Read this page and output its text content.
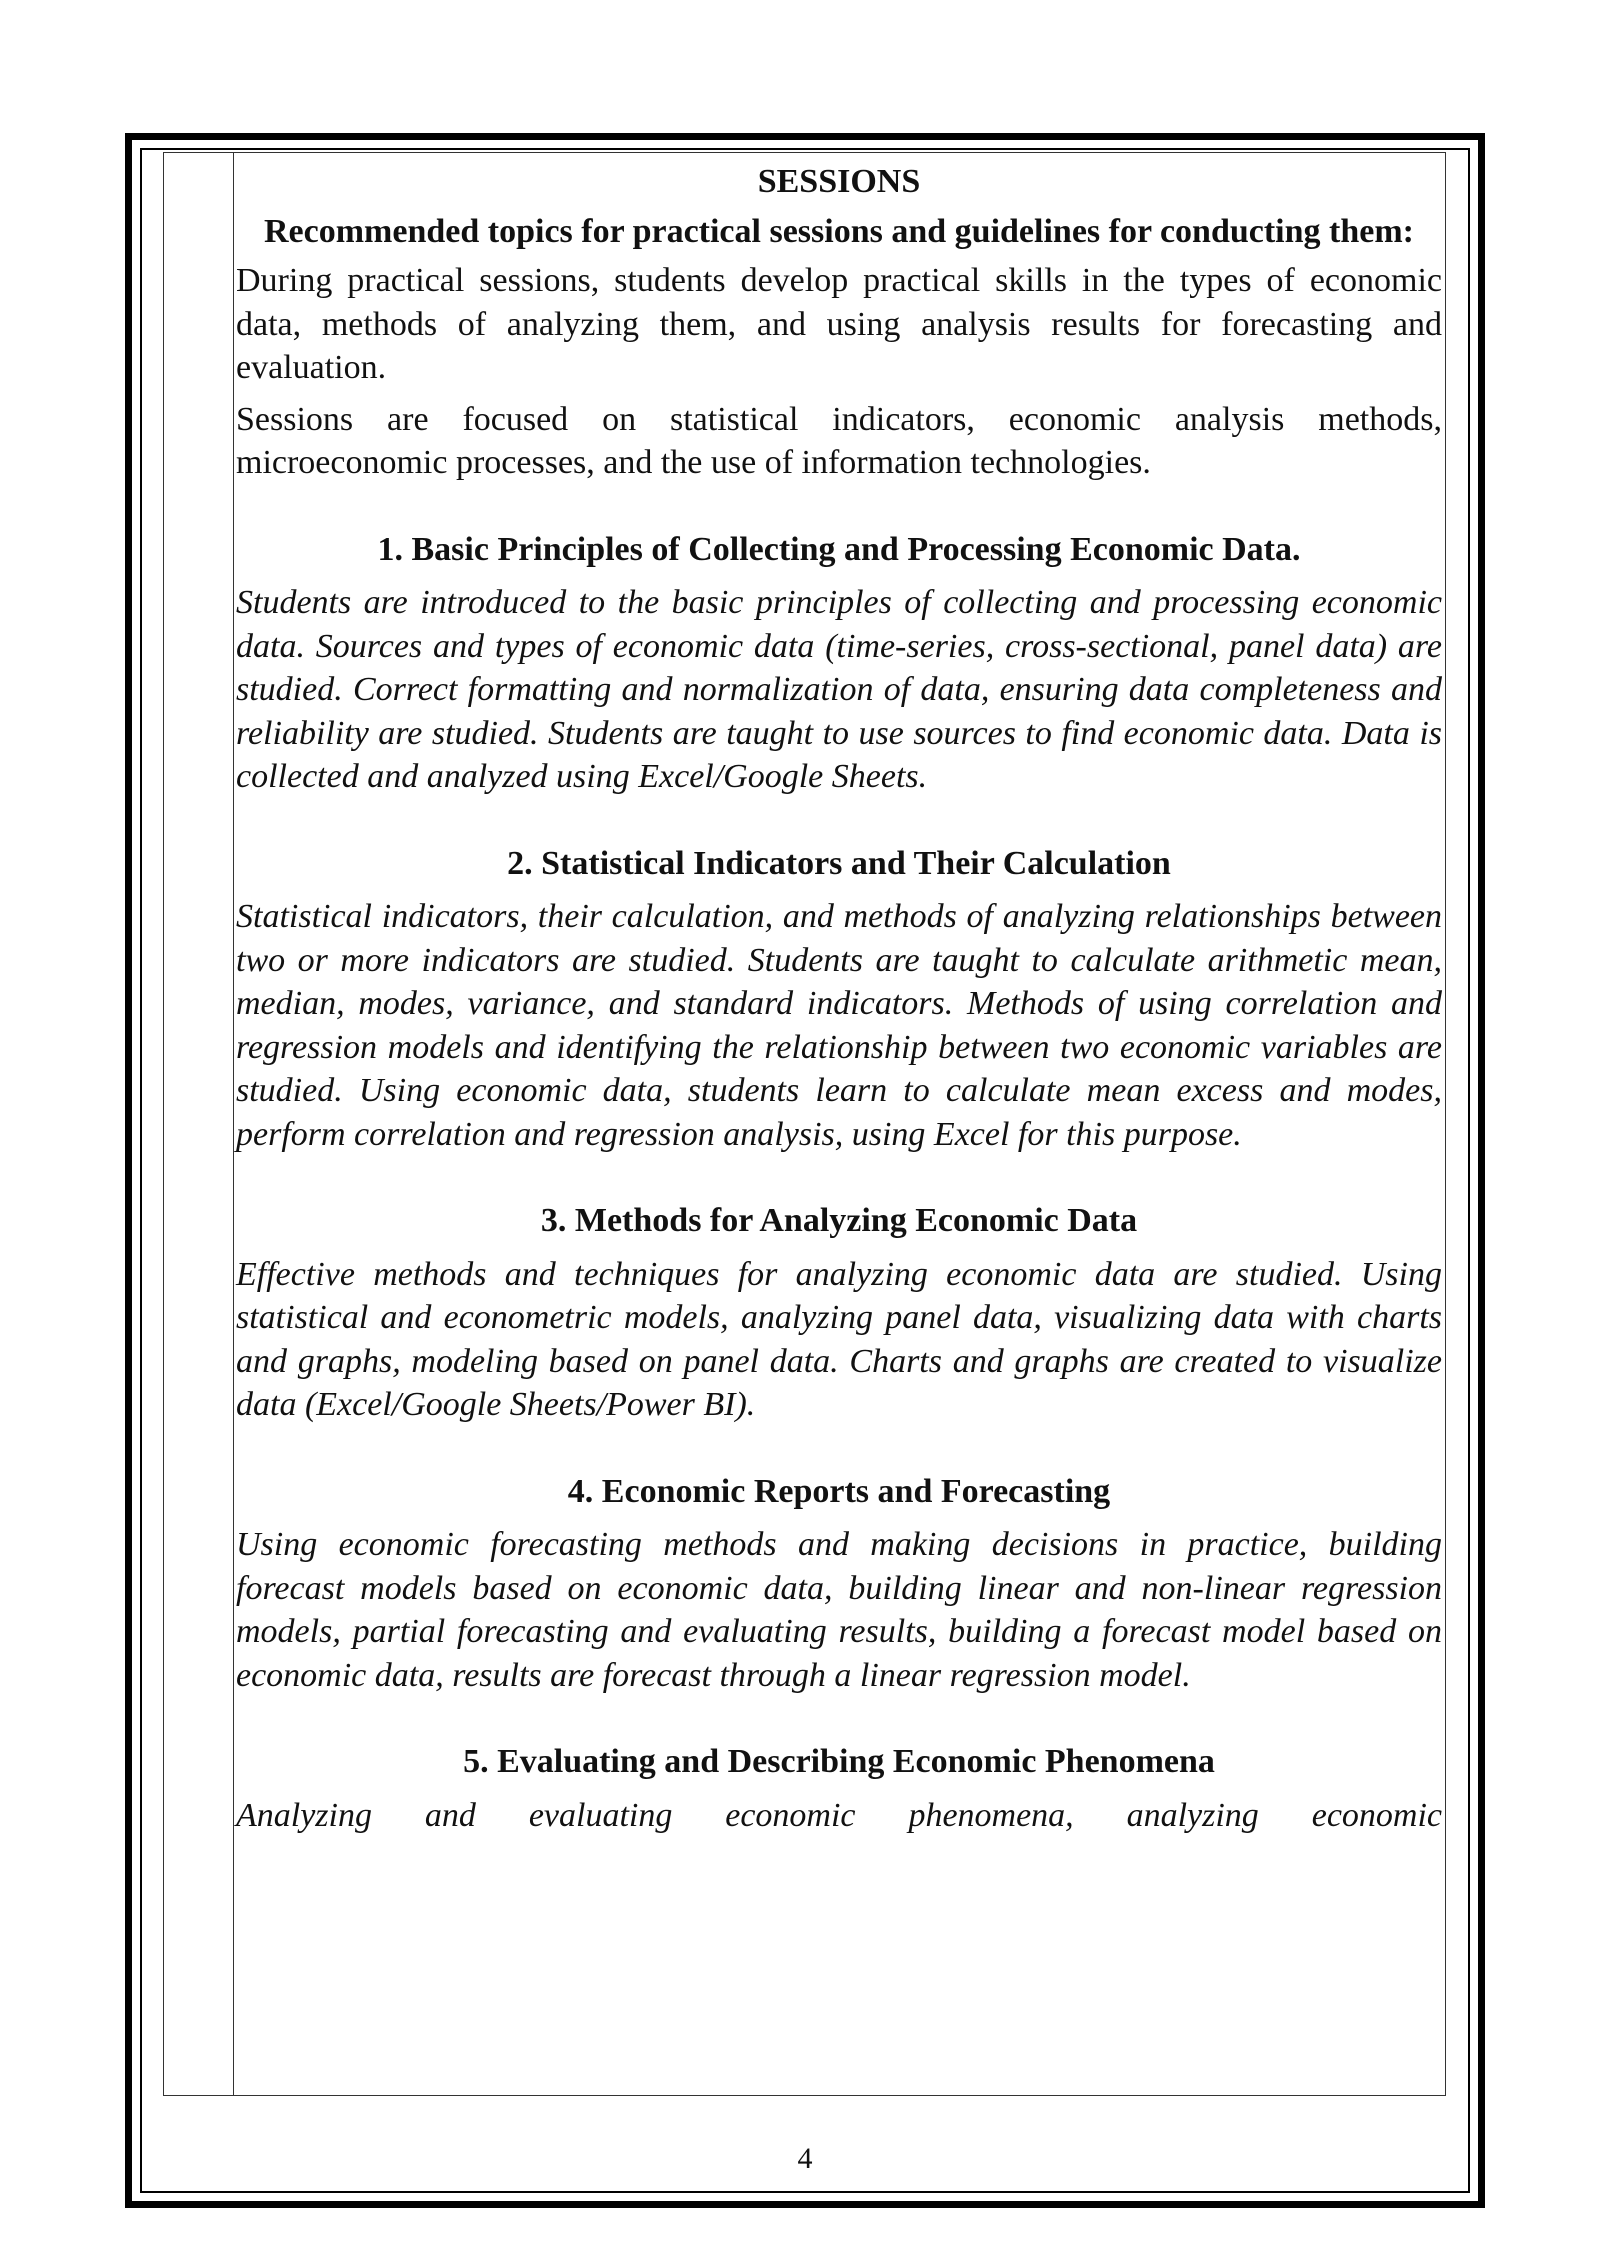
SESSIONS
Recommended topics for practical sessions and guidelines for conducting them:

During practical sessions, students develop practical skills in the types of economic data, methods of analyzing them, and using analysis results for forecasting and evaluation.

Sessions are focused on statistical indicators, economic analysis methods, microeconomic processes, and the use of information technologies.

1. Basic Principles of Collecting and Processing Economic Data.

Students are introduced to the basic principles of collecting and processing economic data. Sources and types of economic data (time-series, cross-sectional, panel data) are studied. Correct formatting and normalization of data, ensuring data completeness and reliability are studied. Students are taught to use sources to find economic data. Data is collected and analyzed using Excel/Google Sheets.

2. Statistical Indicators and Their Calculation

Statistical indicators, their calculation, and methods of analyzing relationships between two or more indicators are studied. Students are taught to calculate arithmetic mean, median, modes, variance, and standard indicators. Methods of using correlation and regression models and identifying the relationship between two economic variables are studied. Using economic data, students learn to calculate mean excess and modes, perform correlation and regression analysis, using Excel for this purpose.

3. Methods for Analyzing Economic Data

Effective methods and techniques for analyzing economic data are studied. Using statistical and econometric models, analyzing panel data, visualizing data with charts and graphs, modeling based on panel data. Charts and graphs are created to visualize data (Excel/Google Sheets/Power BI).

4. Economic Reports and Forecasting

Using economic forecasting methods and making decisions in practice, building forecast models based on economic data, building linear and non-linear regression models, partial forecasting and evaluating results, building a forecast model based on economic data, results are forecast through a linear regression model.

5. Evaluating and Describing Economic Phenomena

Analyzing and evaluating economic phenomena, analyzing economic

4
